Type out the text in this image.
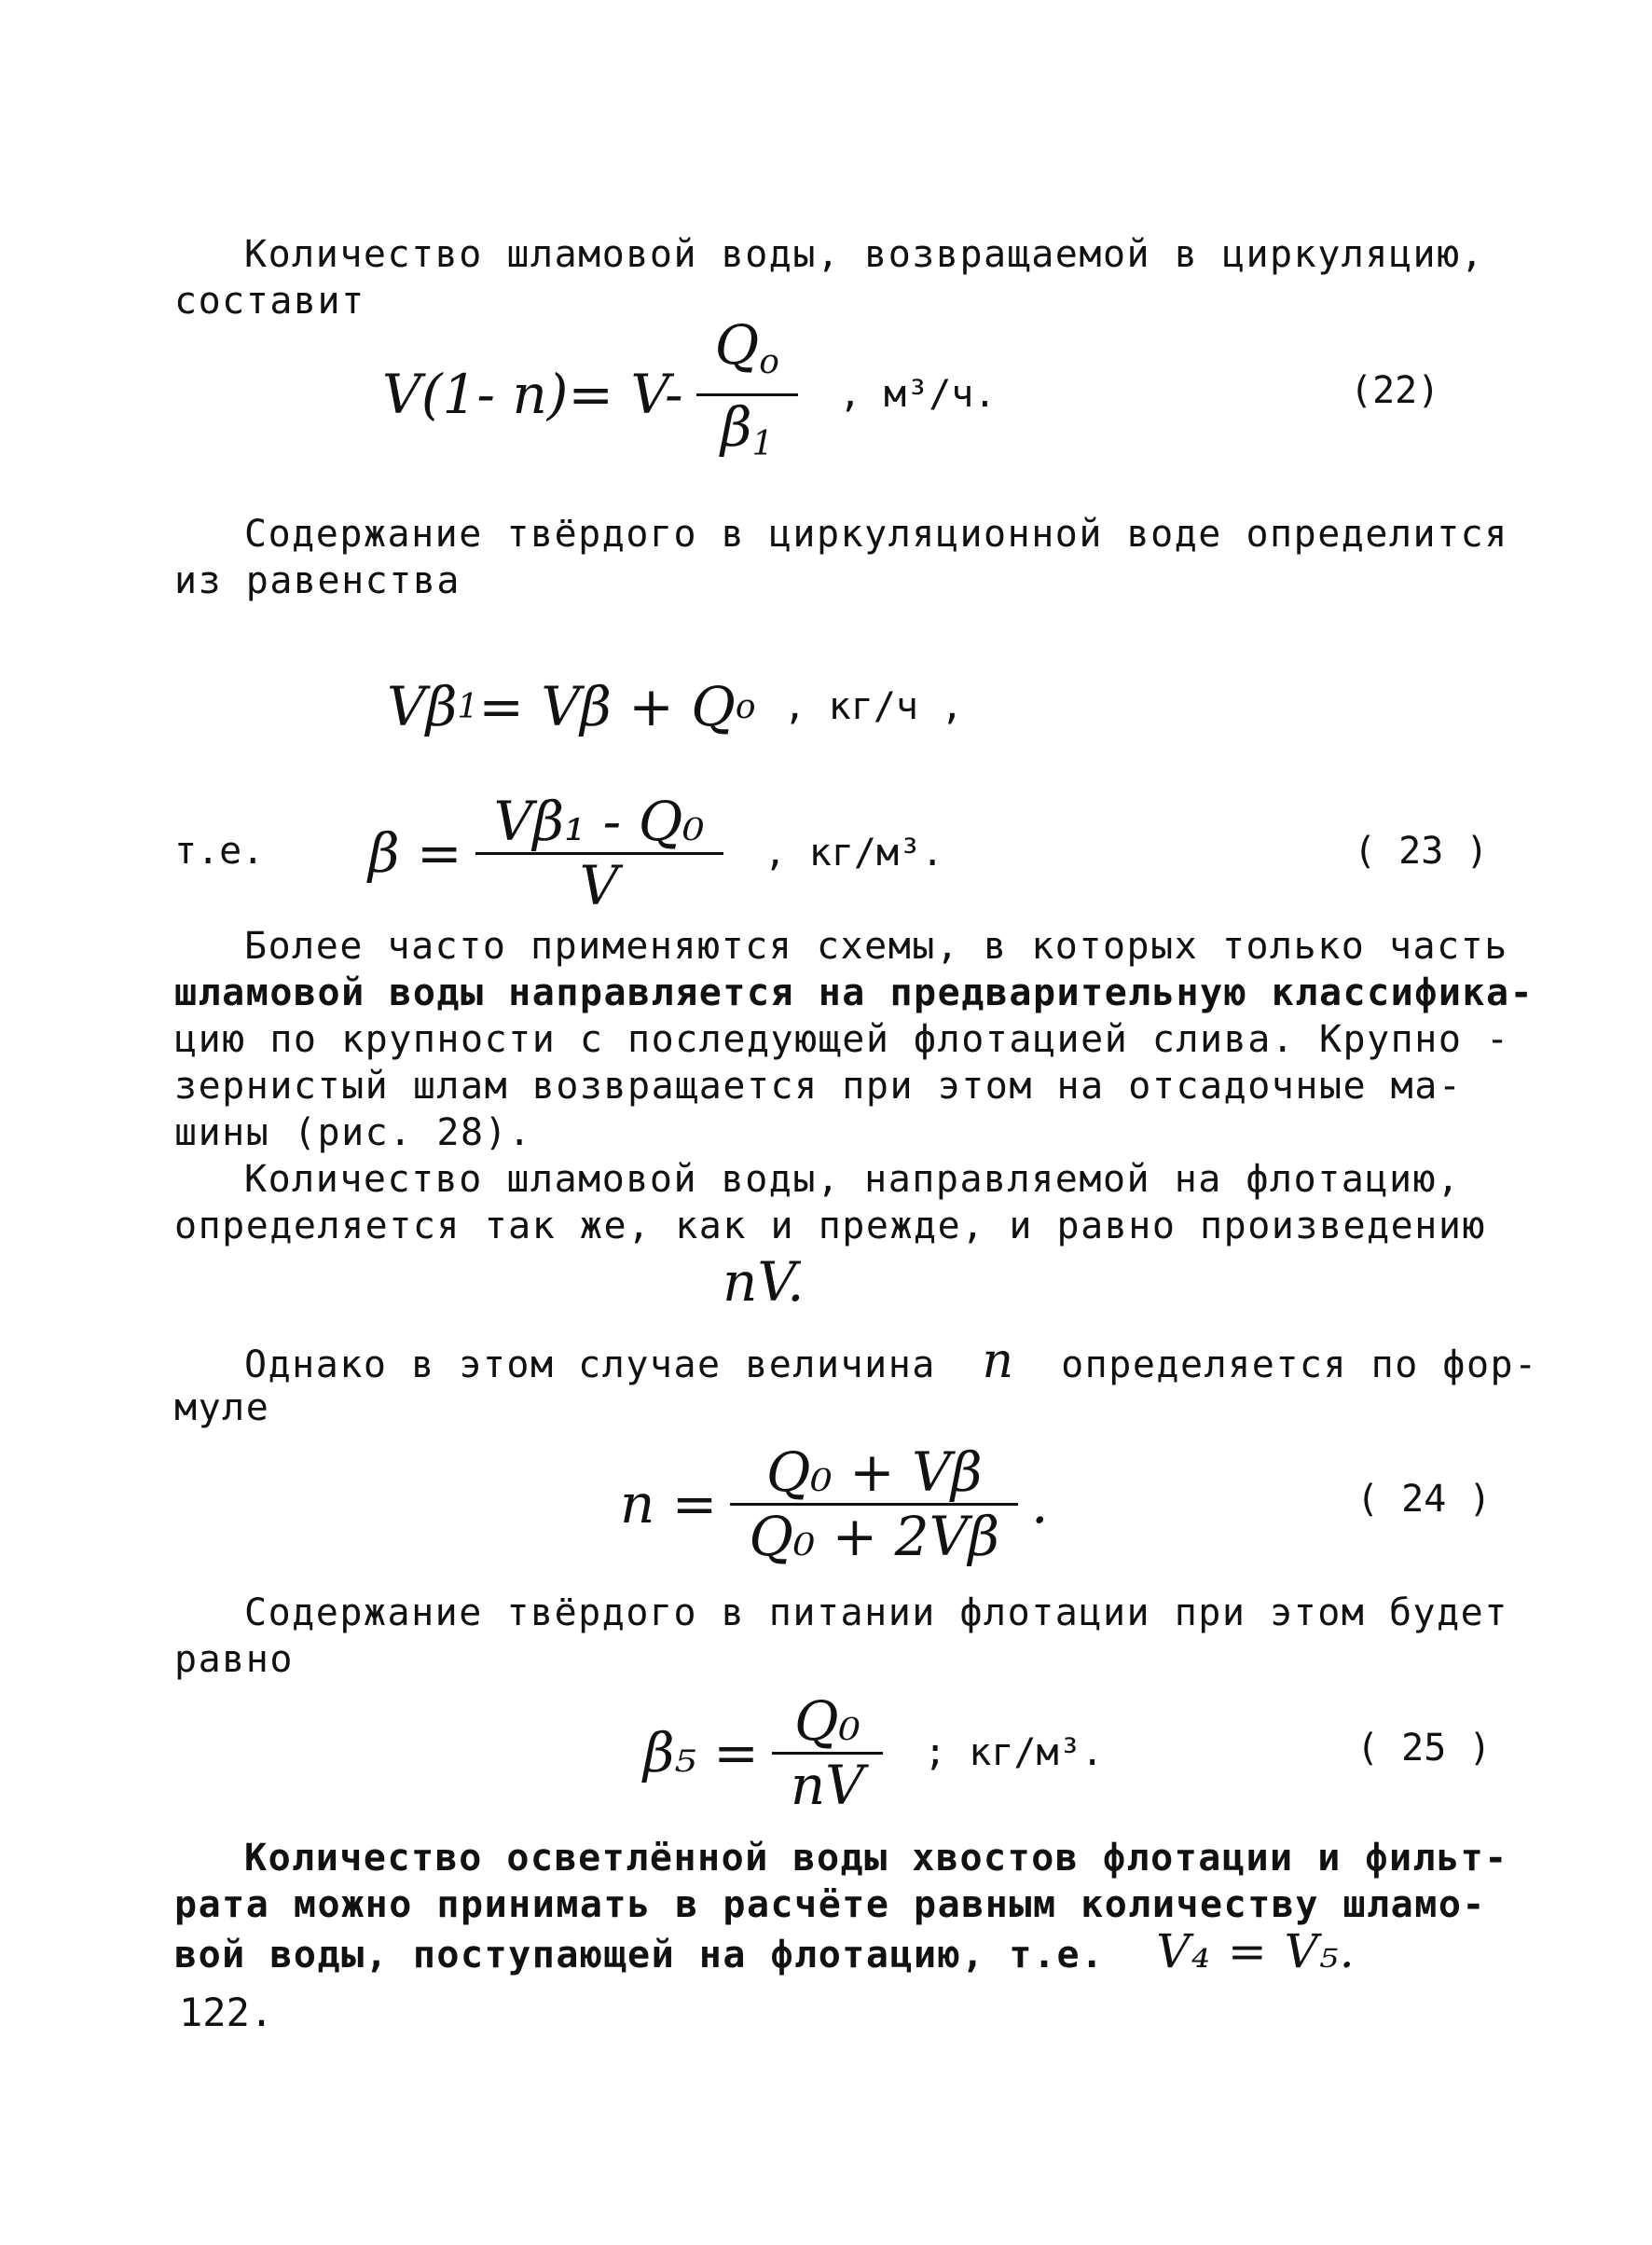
Количество шламовой воды, возвращаемой в циркуляцию,

составит

V(1- $n)= V- \frac{Q_o}{\beta_1}$ , м³/ч.	(22)

Содержание твёрдого в циркуляционной воде определится

из равенства

Vβ 1 = Vβ + Q o , кг/ч ,
т.е. $\beta = \frac{\text{Vβ₁ - Q₀}}{V}$ , кг/м³.	( 23 )

Более часто применяются схемы, в которых только часть

шламовой воды направляется на предварительную классифика-

цию по крупности с последующей флотацией слива. Крупно -

зернистый шлам возвращается при этом на отсадочные ма-

шины (рис. 28).

Количество шламовой воды, направляемой на флотацию,

определяется так же, как и прежде, и равно произведению

nV.

Однако в этом случае величина n определяется по фор-

муле

$n = \frac{\text{Q₀ + Vβ}}{\text{Q₀ + 2Vβ}}$ .	( 24 )

Содержание твёрдого в питании флотации при этом будет

равно

$\beta_5 = \frac{\text{Q₀}}{nV}$ ; кг/м³.	( 25 )

Количество осветлённой воды хвостов флотации и фильт-

рата можно принимать в расчёте равным количеству шламо-

вой воды, поступающей на флотацию, т.е. V₄ = V₅.

122.
